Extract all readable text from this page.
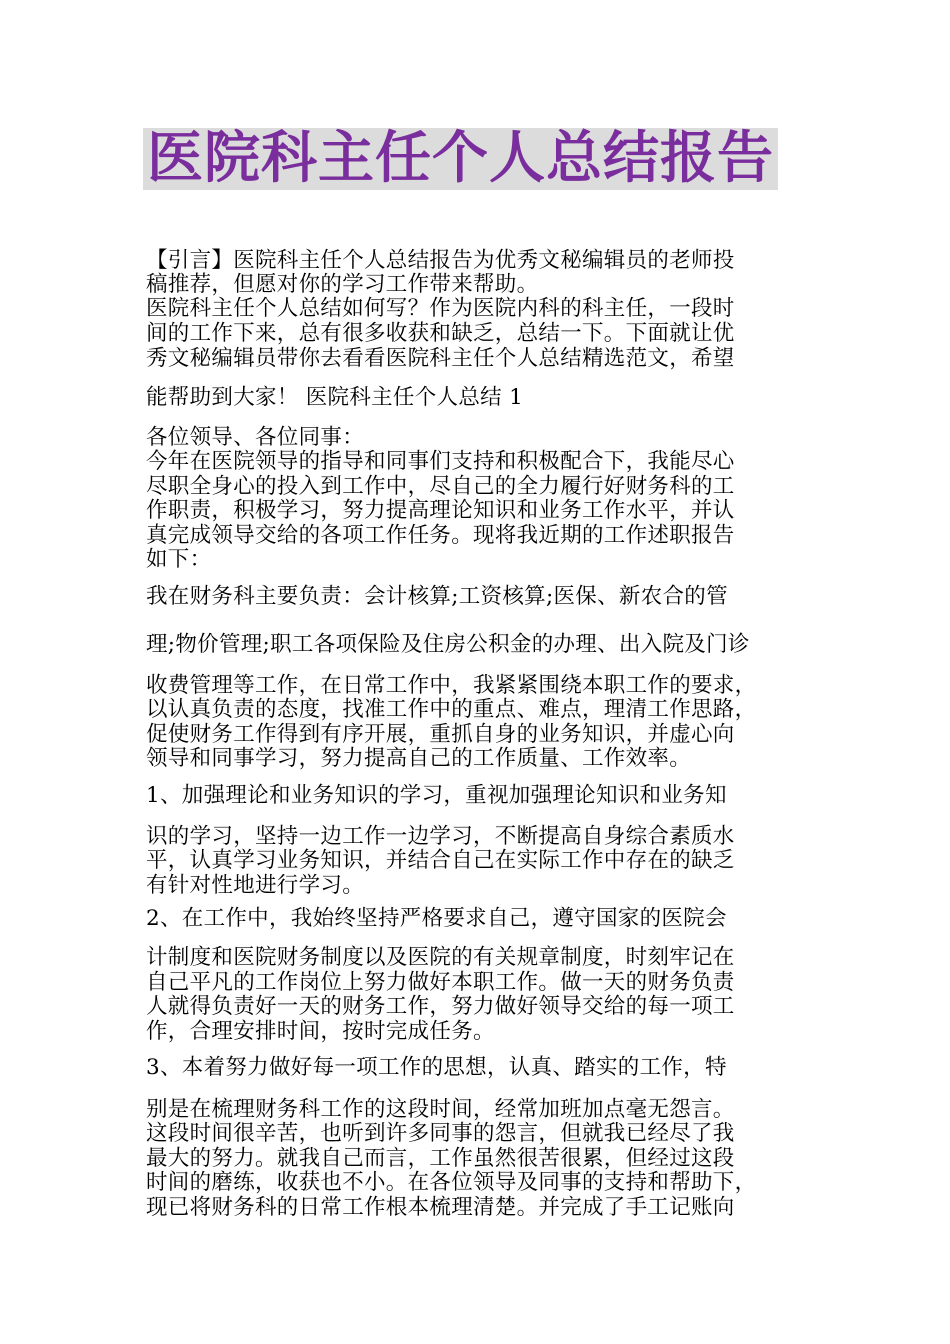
医院科主任个人总结报告
【引言】医院科主任个人总结报告为优秀文秘编辑员的老师投
稿推荐，但愿对你的学习工作带来帮助。
医院科主任个人总结如何写？作为医院内科的科主任，一段时
间的工作下来，总有很多收获和缺乏，总结一下。下面就让优
秀文秘编辑员带你去看看医院科主任个人总结精选范文，希望
能帮助到大家！ 医院科主任个人总结 1
各位领导、各位同事：
今年在医院领导的指导和同事们支持和积极配合下，我能尽心
尽职全身心的投入到工作中，尽自己的全力履行好财务科的工
作职责，积极学习，努力提高理论知识和业务工作水平，并认
真完成领导交给的各项工作任务。现将我近期的工作述职报告
如下：
我在财务科主要负责：会计核算;工资核算;医保、新农合的管
理;物价管理;职工各项保险及住房公积金的办理、出入院及门诊
收费管理等工作，在日常工作中，我紧紧围绕本职工作的要求，
以认真负责的态度，找准工作中的重点、难点，理清工作思路，
促使财务工作得到有序开展，重抓自身的业务知识，并虚心向
领导和同事学习，努力提高自己的工作质量、工作效率。
1、加强理论和业务知识的学习，重视加强理论知识和业务知
识的学习，坚持一边工作一边学习，不断提高自身综合素质水
平，认真学习业务知识，并结合自己在实际工作中存在的缺乏
有针对性地进行学习。
2、在工作中，我始终坚持严格要求自己，遵守国家的医院会
计制度和医院财务制度以及医院的有关规章制度，时刻牢记在
自己平凡的工作岗位上努力做好本职工作。做一天的财务负责
人就得负责好一天的财务工作，努力做好领导交给的每一项工
作，合理安排时间，按时完成任务。
3、本着努力做好每一项工作的思想，认真、踏实的工作，特
别是在梳理财务科工作的这段时间，经常加班加点毫无怨言。
这段时间很辛苦，也听到许多同事的怨言，但就我已经尽了我
最大的努力。就我自己而言，工作虽然很苦很累，但经过这段
时间的磨练，收获也不小。在各位领导及同事的支持和帮助下，
现已将财务科的日常工作根本梳理清楚。并完成了手工记账向
